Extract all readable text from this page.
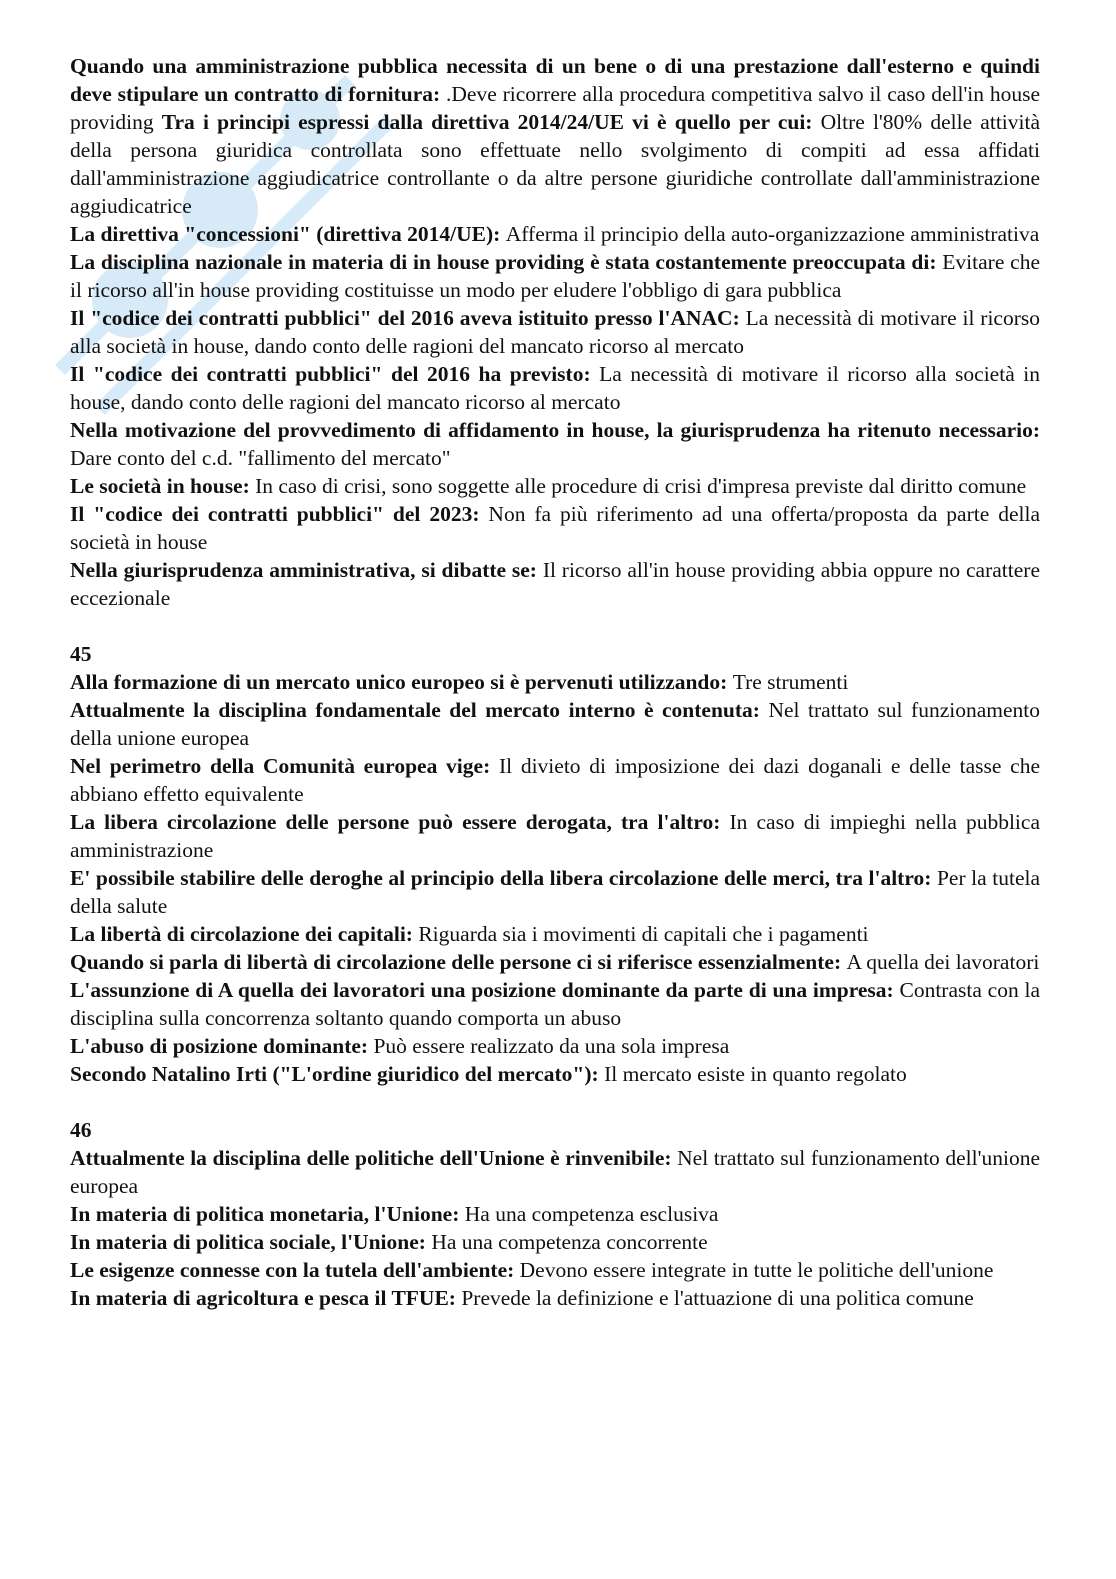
Quando una amministrazione pubblica necessita di un bene o di una prestazione dall'esterno e quindi deve stipulare un contratto di fornitura: .Deve ricorrere alla procedura competitiva salvo il caso dell'in house providing Tra i principi espressi dalla direttiva 2014/24/UE vi è quello per cui: Oltre l'80% delle attività della persona giuridica controllata sono effettuate nello svolgimento di compiti ad essa affidati dall'amministrazione aggiudicatrice controllante o da altre persone giuridiche controllate dall'amministrazione aggiudicatrice

La direttiva "concessioni" (direttiva 2014/UE): Afferma il principio della auto-organizzazione amministrativa

La disciplina nazionale in materia di in house providing è stata costantemente preoccupata di: Evitare che il ricorso all'in house providing costituisse un modo per eludere l'obbligo di gara pubblica

Il "codice dei contratti pubblici" del 2016 aveva istituito presso l'ANAC: La necessità di motivare il ricorso alla società in house, dando conto delle ragioni del mancato ricorso al mercato

Il "codice dei contratti pubblici" del 2016 ha previsto: La necessità di motivare il ricorso alla società in house, dando conto delle ragioni del mancato ricorso al mercato

Nella motivazione del provvedimento di affidamento in house, la giurisprudenza ha ritenuto necessario: Dare conto del c.d. "fallimento del mercato"

Le società in house: In caso di crisi, sono soggette alle procedure di crisi d'impresa previste dal diritto comune

Il "codice dei contratti pubblici" del 2023: Non fa più riferimento ad una offerta/proposta da parte della società in house

Nella giurisprudenza amministrativa, si dibatte se: Il ricorso all'in house providing abbia oppure no carattere eccezionale

45

Alla formazione di un mercato unico europeo si è pervenuti utilizzando: Tre strumenti

Attualmente la disciplina fondamentale del mercato interno è contenuta: Nel trattato sul funzionamento della unione europea

Nel perimetro della Comunità europea vige: Il divieto di imposizione dei dazi doganali e delle tasse che abbiano effetto equivalente

La libera circolazione delle persone può essere derogata, tra l'altro: In caso di impieghi nella pubblica amministrazione

E' possibile stabilire delle deroghe al principio della libera circolazione delle merci, tra l'altro: Per la tutela della salute

La libertà di circolazione dei capitali: Riguarda sia i movimenti di capitali che i pagamenti

Quando si parla di libertà di circolazione delle persone ci si riferisce essenzialmente: A quella dei lavoratori

L'assunzione di A quella dei lavoratori una posizione dominante da parte di una impresa: Contrasta con la disciplina sulla concorrenza soltanto quando comporta un abuso

L'abuso di posizione dominante: Può essere realizzato da una sola impresa

Secondo Natalino Irti ("L'ordine giuridico del mercato"): Il mercato esiste in quanto regolato

46

Attualmente la disciplina delle politiche dell'Unione è rinvenibile: Nel trattato sul funzionamento dell'unione europea

In materia di politica monetaria, l'Unione: Ha una competenza esclusiva

In materia di politica sociale, l'Unione: Ha una competenza concorrente

Le esigenze connesse con la tutela dell'ambiente: Devono essere integrate in tutte le politiche dell'unione

In materia di agricoltura e pesca il TFUE: Prevede la definizione e l'attuazione di una politica comune
